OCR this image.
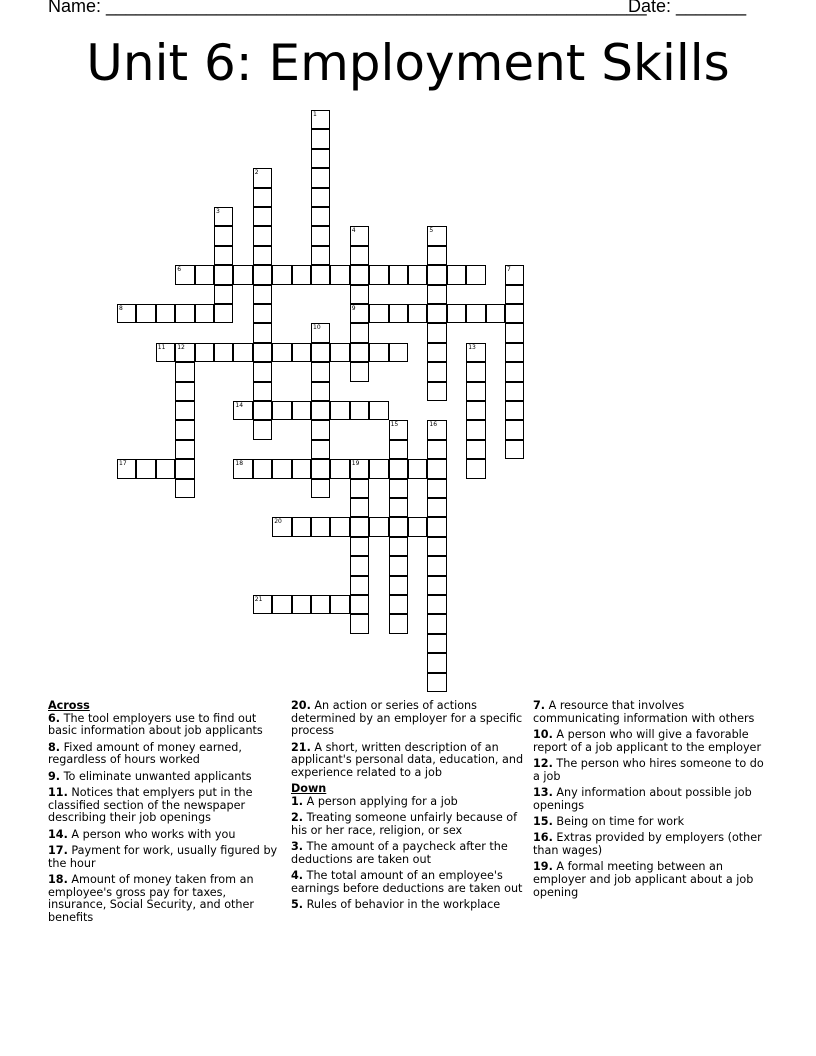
Name: ______________________________________________________
Date: _______
Unit 6: Employment Skills
1
2
3
4
9
5
6	7
8
10
11 12	13
14
15	16
17	18	19
20
21
Across
6. The tool employers use to find out basic information about job applicants
8. Fixed amount of money earned, regardless of hours worked
9. To eliminate unwanted applicants
11. Notices that emplyers put in the classified section of the newspaper describing their job openings
14. A person who works with you
17. Payment for work, usually figured by the hour
18. Amount of money taken from an employee's gross pay for taxes, insurance, Social Security, and other benefits
20. An action or series of actions determined by an employer for a specific process
21. A short, written description of an applicant's personal data, education, and experience related to a job
Down
1. A person applying for a job
2. Treating someone unfairly because of his or her race, religion, or sex
3. The amount of a paycheck after the deductions are taken out
4. The total amount of an employee's earnings before deductions are taken out
5. Rules of behavior in the workplace
7. A resource that involves communicating information with others
10. A person who will give a favorable report of a job applicant to the employer
12. The person who hires someone to do a job
13. Any information about possible job openings
15. Being on time for work
16. Extras provided by employers (other than wages)
19. A formal meeting between an employer and job applicant about a job opening
